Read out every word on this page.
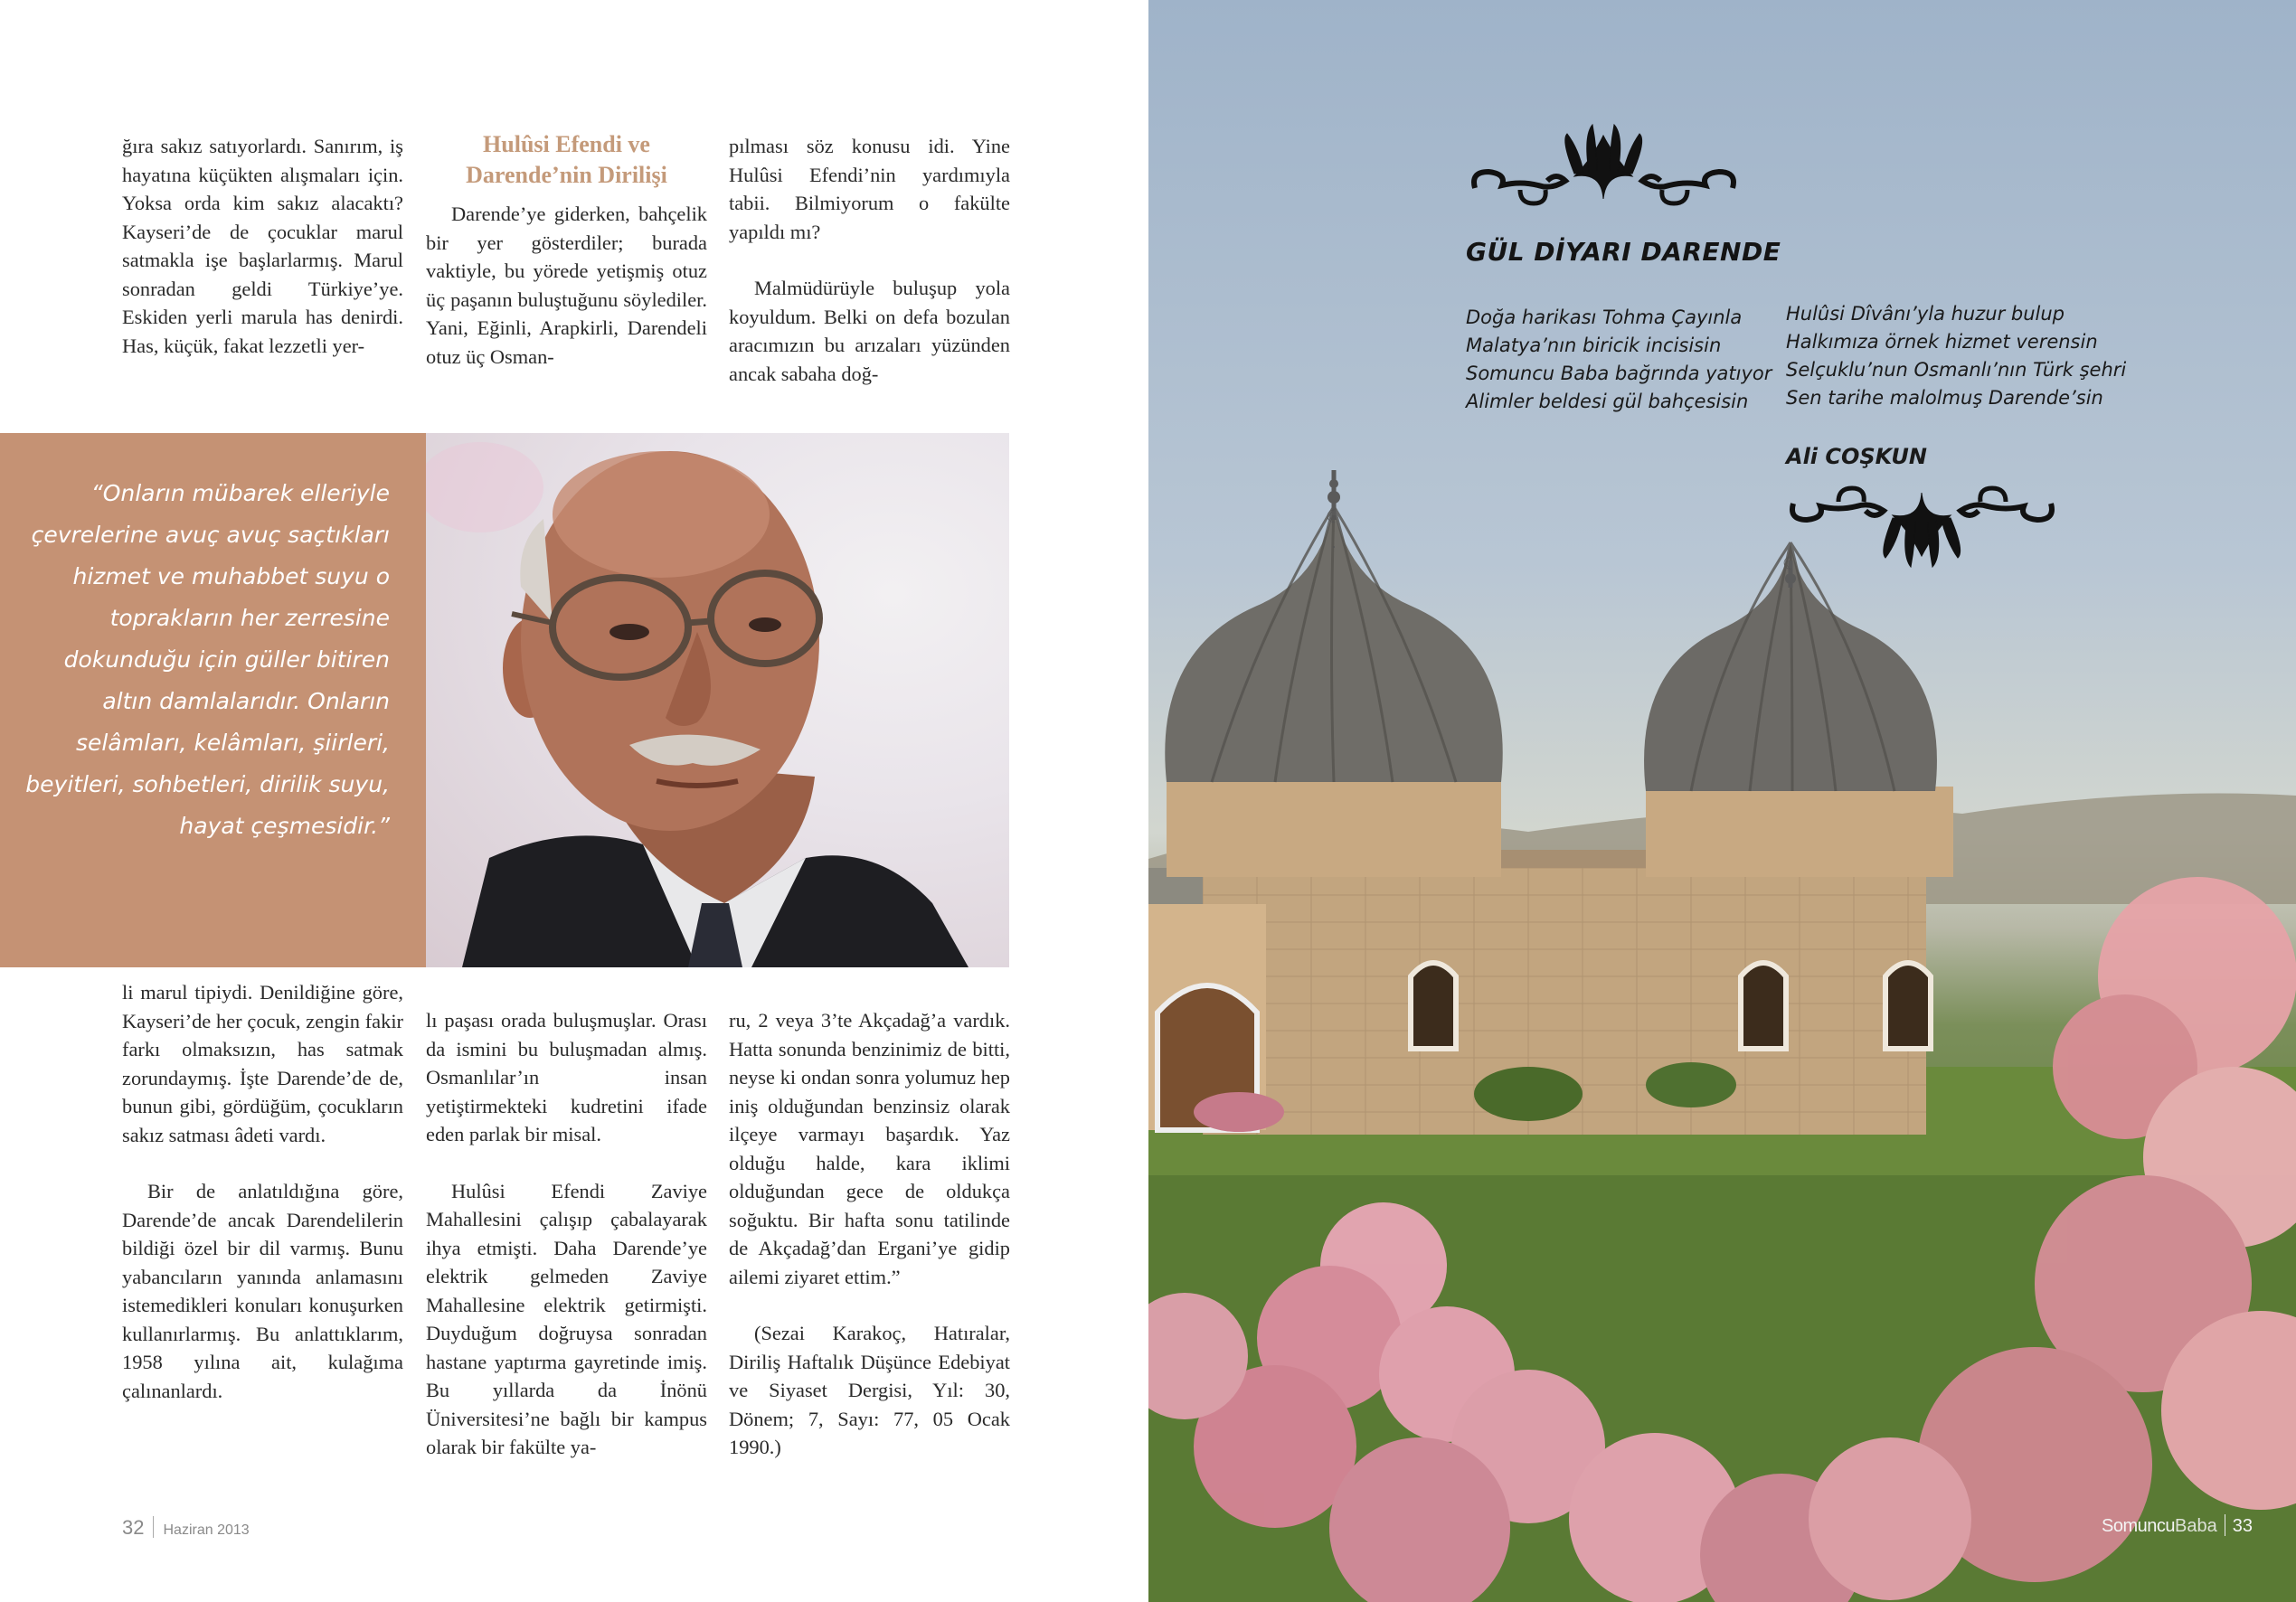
ğıra sakız satıyorlardı. Sanırım, iş hayatına küçükten alışmaları için. Yoksa orda kim sakız alacaktı? Kayseri’de de çocuklar marul satmakla işe başlarlarmış. Marul sonradan geldi Türkiye’ye. Eskiden yerli marula has denirdi. Has, küçük, fakat lezzetli yer-

Hulûsi Efendi ve Darende’nin Dirilişi

Darende’ye giderken, bahçelik bir yer gösterdiler; burada vaktiyle, bu yörede yetişmiş otuz üç paşanın buluştuğunu söylediler. Yani, Eğinli, Arapkirli, Darendeli otuz üç Osman-

pılması söz konusu idi. Yine Hulûsi Efendi’nin yardımıyla tabii. Bilmiyorum o fakülte yapıldı mı?

Malmüdürüyle buluşup yola koyuldum. Belki on defa bozulan aracımızın bu arızaları yüzünden ancak sabaha doğ-

“Onların mübarek elleriyle çevrelerine avuç avuç saçtıkları hizmet ve muhabbet suyu o toprakların her zerresine dokunduğu için güller bitiren altın damlalarıdır. Onların selâmları, kelâmları, şiirleri, beyitleri, sohbetleri, dirilik suyu, hayat çeşmesidir.”

li marul tipiydi. Denildiğine göre, Kayseri’de her çocuk, zengin fakir farkı olmaksızın, has satmak zorundaymış. İşte Darende’de de, bunun gibi, gördüğüm, çocukların sakız satması âdeti vardı.

Bir de anlatıldığına göre, Darende’de ancak Darendelilerin bildiği özel bir dil varmış. Bunu yabancıların yanında anlamasını istemedikleri konuları konuşurken kullanırlarmış. Bu anlattıklarım, 1958 yılına ait, kulağıma çalınanlardı.

lı paşası orada buluşmuşlar. Orası da ismini bu buluşmadan almış. Osmanlılar’ın insan yetiştirmekteki kudretini ifade eden parlak bir misal.

Hulûsi Efendi Zaviye Mahallesini çalışıp çabalayarak ihya etmişti. Daha Darende’ye elektrik gelmeden Zaviye Mahallesine elektrik getirmişti. Duyduğum doğruysa sonradan hastane yaptırma gayretinde imiş. Bu yıllarda da İnönü Üniversitesi’ne bağlı bir kampus olarak bir fakülte ya-

ru, 2 veya 3’te Akçadağ’a vardık. Hatta sonunda benzinimiz de bitti, neyse ki ondan sonra yolumuz hep iniş olduğundan benzinsiz olarak ilçeye varmayı başardık. Yaz olduğu halde, kara iklimi olduğundan gece de oldukça soğuktu. Bir hafta sonu tatilinde de Akçadağ’dan Ergani’ye gidip ailemi ziyaret ettim.”

(Sezai Karakoç, Hatıralar, Diriliş Haftalık Düşünce Edebiyat ve Siyaset Dergisi, Yıl: 30, Dönem; 7, Sayı: 77, 05 Ocak 1990.)

32 Haziran 2013
☾
☾
GÜL DİYARI DARENDE
Doğa harikası Tohma Çayınla
Malatya’nın biricik incisisin
Somuncu Baba bağrında yatıyor
Alimler beldesi gül bahçesisin
Hulûsi Dîvânı’yla huzur bulup
Halkımıza örnek hizmet verensin
Selçuklu’nun Osmanlı’nın Türk şehri
Sen tarihe malolmuş Darende’sin
Ali COŞKUN
SomuncuBaba 33
